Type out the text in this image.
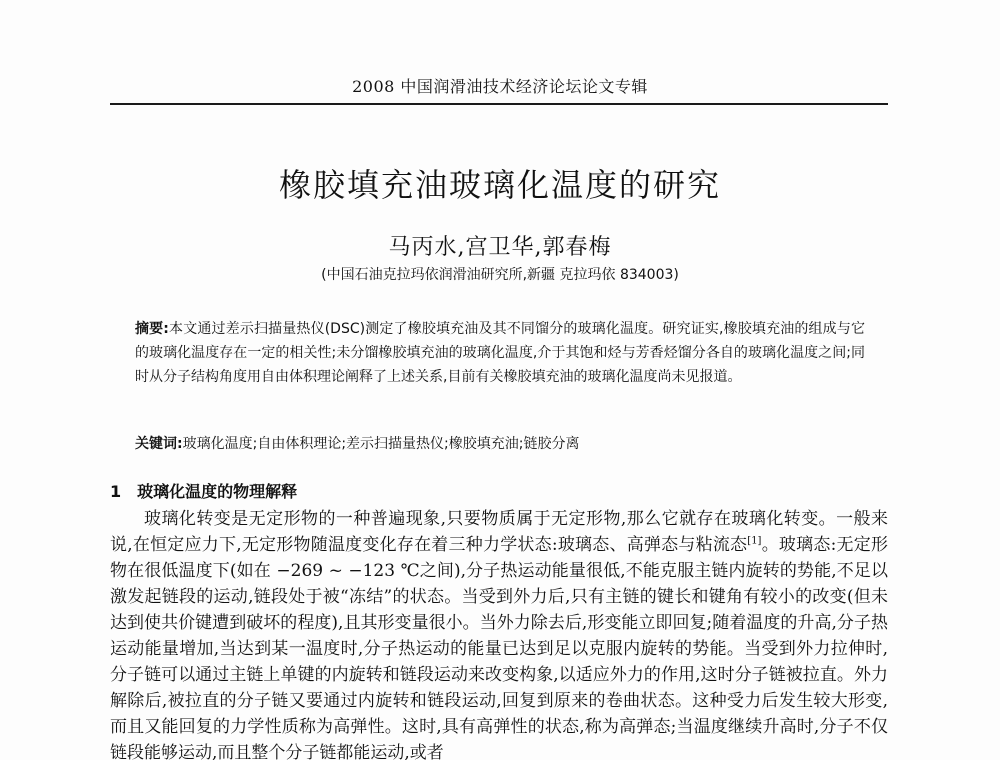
2008 中国润滑油技术经济论坛论文专辑
橡胶填充油玻璃化温度的研究
马丙水,宫卫华,郭春梅
(中国石油克拉玛依润滑油研究所,新疆 克拉玛依 834003)
摘要:本文通过差示扫描量热仪(DSC)测定了橡胶填充油及其不同馏分的玻璃化温度。研究证实,橡胶填充油的组成与它的玻璃化温度存在一定的相关性;未分馏橡胶填充油的玻璃化温度,介于其饱和烃与芳香烃馏分各自的玻璃化温度之间;同时从分子结构角度用自由体积理论阐释了上述关系,目前有关橡胶填充油的玻璃化温度尚未见报道。
关键词:玻璃化温度;自由体积理论;差示扫描量热仪;橡胶填充油;链胶分离
1 玻璃化温度的物理解释

玻璃化转变是无定形物的一种普遍现象,只要物质属于无定形物,那么它就存在玻璃化转变。一般来说,在恒定应力下,无定形物随温度变化存在着三种力学状态:玻璃态、高弹态与粘流态[1]。玻璃态:无定形物在很低温度下(如在 −269 ~ −123 ℃之间),分子热运动能量很低,不能克服主链内旋转的势能,不足以激发起链段的运动,链段处于被“冻结”的状态。当受到外力后,只有主链的键长和键角有较小的改变(但未达到使共价键遭到破坏的程度),且其形变量很小。当外力除去后,形变能立即回复;随着温度的升高,分子热运动能量增加,当达到某一温度时,分子热运动的能量已达到足以克服内旋转的势能。当受到外力拉伸时,分子链可以通过主链上单键的内旋转和链段运动来改变构象,以适应外力的作用,这时分子链被拉直。外力解除后,被拉直的分子链又要通过内旋转和链段运动,回复到原来的卷曲状态。这种受力后发生较大形变,而且又能回复的力学性质称为高弹性。这时,具有高弹性的状态,称为高弹态;当温度继续升高时,分子不仅链段能够运动,而且整个分子链都能运动,或者
